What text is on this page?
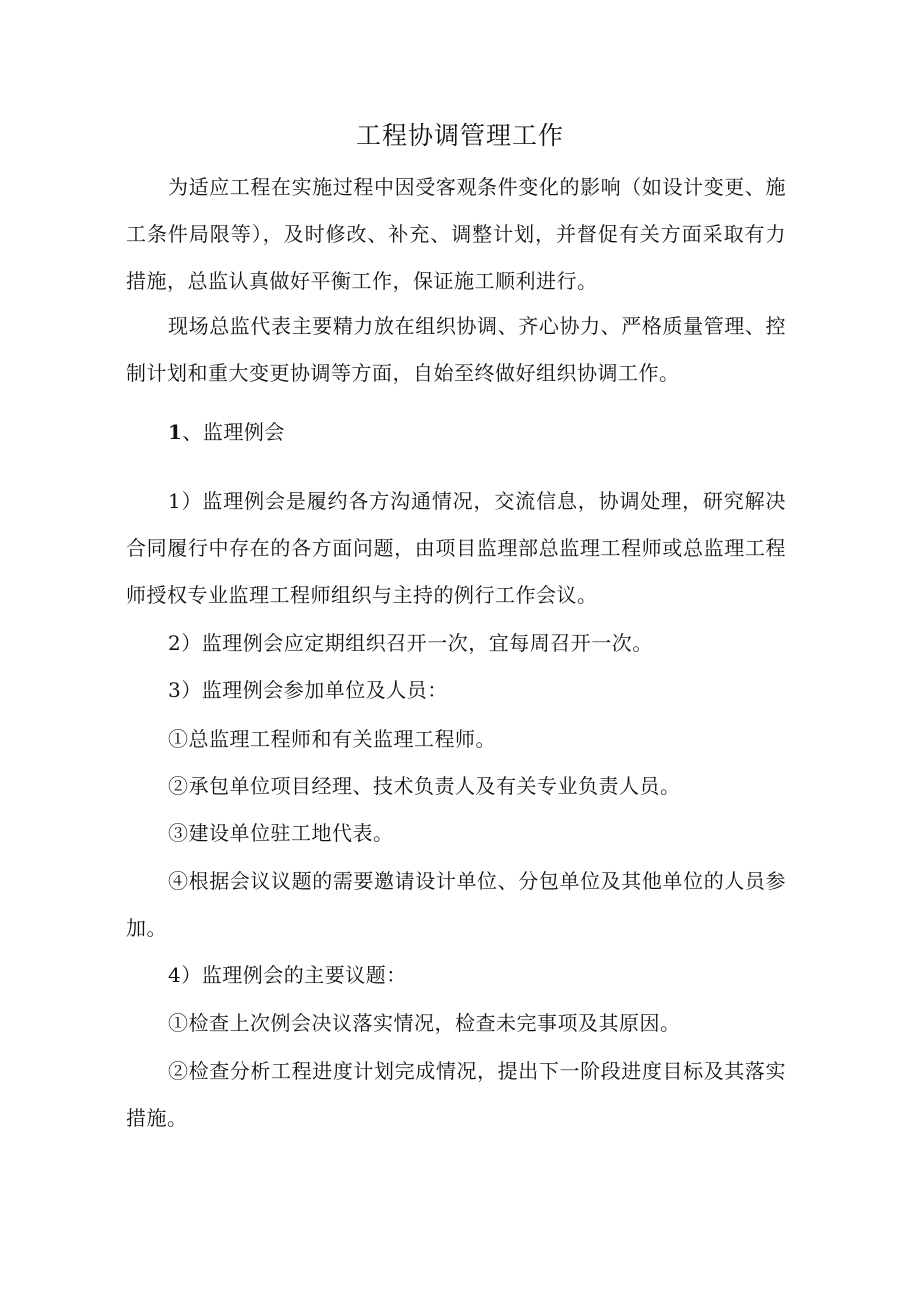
工程协调管理工作

为适应工程在实施过程中因受客观条件变化的影响（如设计变更、施工条件局限等），及时修改、补充、调整计划，并督促有关方面采取有力措施，总监认真做好平衡工作，保证施工顺利进行。

现场总监代表主要精力放在组织协调、齐心协力、严格质量管理、控制计划和重大变更协调等方面，自始至终做好组织协调工作。

1、监理例会

1）监理例会是履约各方沟通情况，交流信息，协调处理，研究解决合同履行中存在的各方面问题，由项目监理部总监理工程师或总监理工程师授权专业监理工程师组织与主持的例行工作会议。

2）监理例会应定期组织召开一次，宜每周召开一次。

3）监理例会参加单位及人员：

①总监理工程师和有关监理工程师。

②承包单位项目经理、技术负责人及有关专业负责人员。

③建设单位驻工地代表。

④根据会议议题的需要邀请设计单位、分包单位及其他单位的人员参加。

4）监理例会的主要议题：

①检查上次例会决议落实情况，检查未完事项及其原因。

②检查分析工程进度计划完成情况，提出下一阶段进度目标及其落实措施。
